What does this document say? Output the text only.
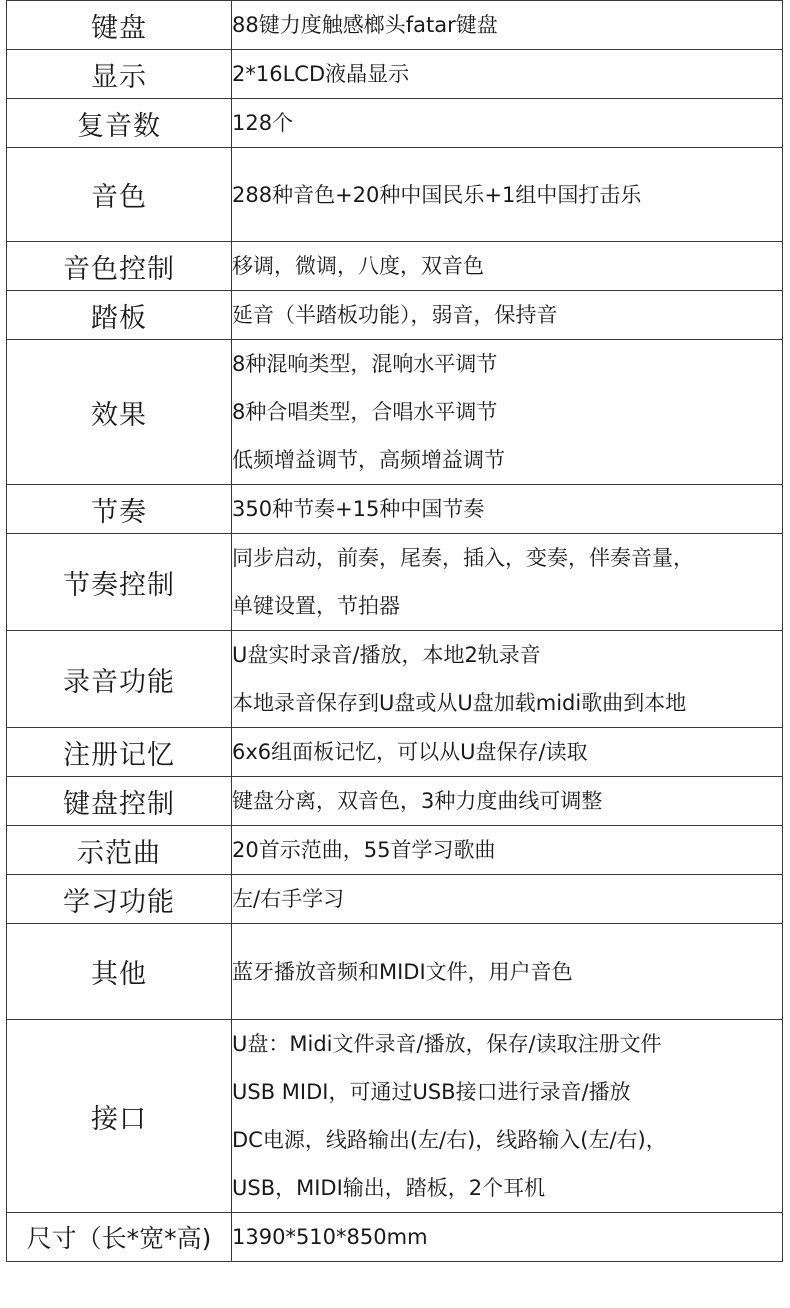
键盘	88键力度触感榔头fatar键盘

显示	2*16LCD液晶显示

复音数	128个

音色	288种音色+20种中国民乐+1组中国打击乐

音色控制	移调，微调，八度，双音色

踏板	延音（半踏板功能），弱音，保持音

效果	8种混响类型，混响水平调节
8种合唱类型，合唱水平调节
低频增益调节，高频增益调节

节奏	350种节奏+15种中国节奏

节奏控制	同步启动，前奏，尾奏，插入，变奏，伴奏音量，
单键设置，节拍器

录音功能	U盘实时录音/播放，本地2轨录音
本地录音保存到U盘或从U盘加载midi歌曲到本地

注册记忆	6x6组面板记忆，可以从U盘保存/读取

键盘控制	键盘分离，双音色，3种力度曲线可调整

示范曲	20首示范曲，55首学习歌曲

学习功能	左/右手学习

其他	蓝牙播放音频和MIDI文件，用户音色

接口	U盘：Midi文件录音/播放，保存/读取注册文件
USB MIDI，可通过USB接口进行录音/播放
DC电源，线路输出(左/右)，线路输入(左/右)，
USB，MIDI输出，踏板，2个耳机

尺寸（长*宽*高)	1390*510*850mm
